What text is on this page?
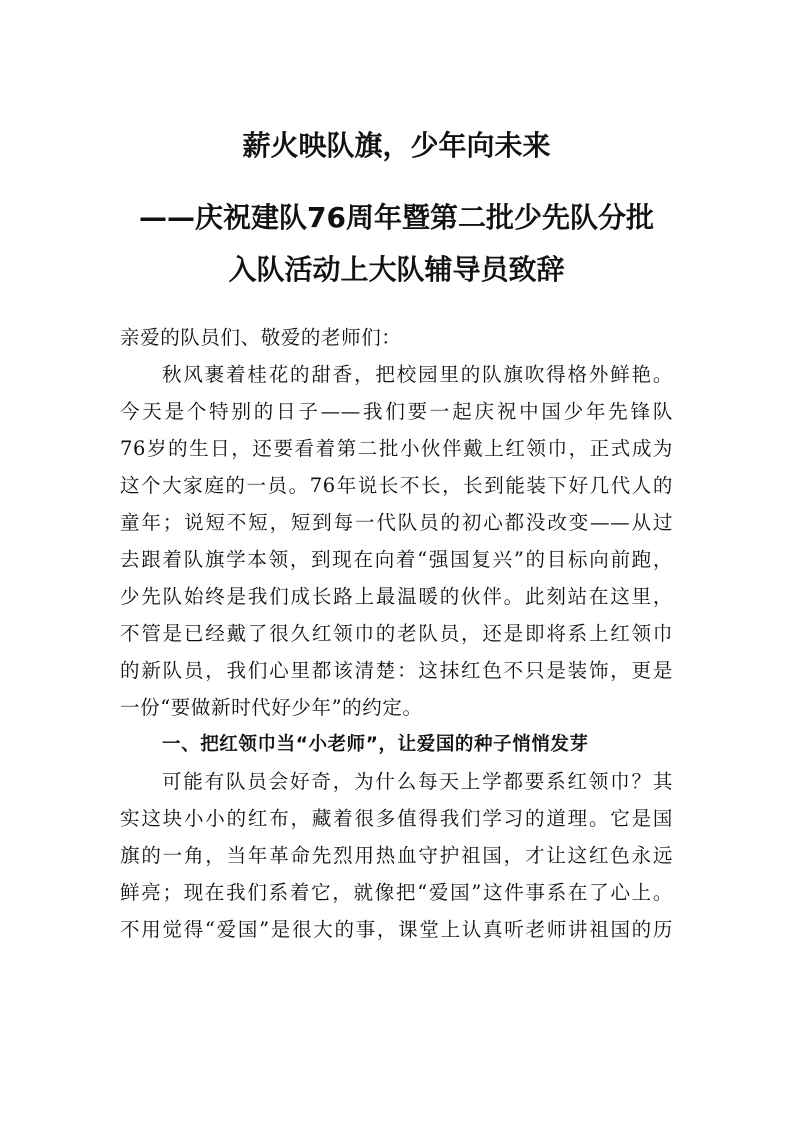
薪火映队旗，少年向未来
——庆祝建队76周年暨第二批少先队分批
入队活动上大队辅导员致辞
亲爱的队员们、敬爱的老师们：
秋风裹着桂花的甜香，把校园里的队旗吹得格外鲜艳。
今天是个特别的日子——我们要一起庆祝中国少年先锋队
76岁的生日，还要看着第二批小伙伴戴上红领巾，正式成为
这个大家庭的一员。76年说长不长，长到能装下好几代人的
童年；说短不短，短到每一代队员的初心都没改变——从过
去跟着队旗学本领，到现在向着“强国复兴”的目标向前跑，
少先队始终是我们成长路上最温暖的伙伴。此刻站在这里，
不管是已经戴了很久红领巾的老队员，还是即将系上红领巾
的新队员，我们心里都该清楚：这抹红色不只是装饰，更是
一份“要做新时代好少年”的约定。
一、把红领巾当“小老师”，让爱国的种子悄悄发芽
可能有队员会好奇，为什么每天上学都要系红领巾？其
实这块小小的红布，藏着很多值得我们学习的道理。它是国
旗的一角，当年革命先烈用热血守护祖国，才让这红色永远
鲜亮；现在我们系着它，就像把“爱国”这件事系在了心上。
不用觉得“爱国”是很大的事，课堂上认真听老师讲祖国的历
